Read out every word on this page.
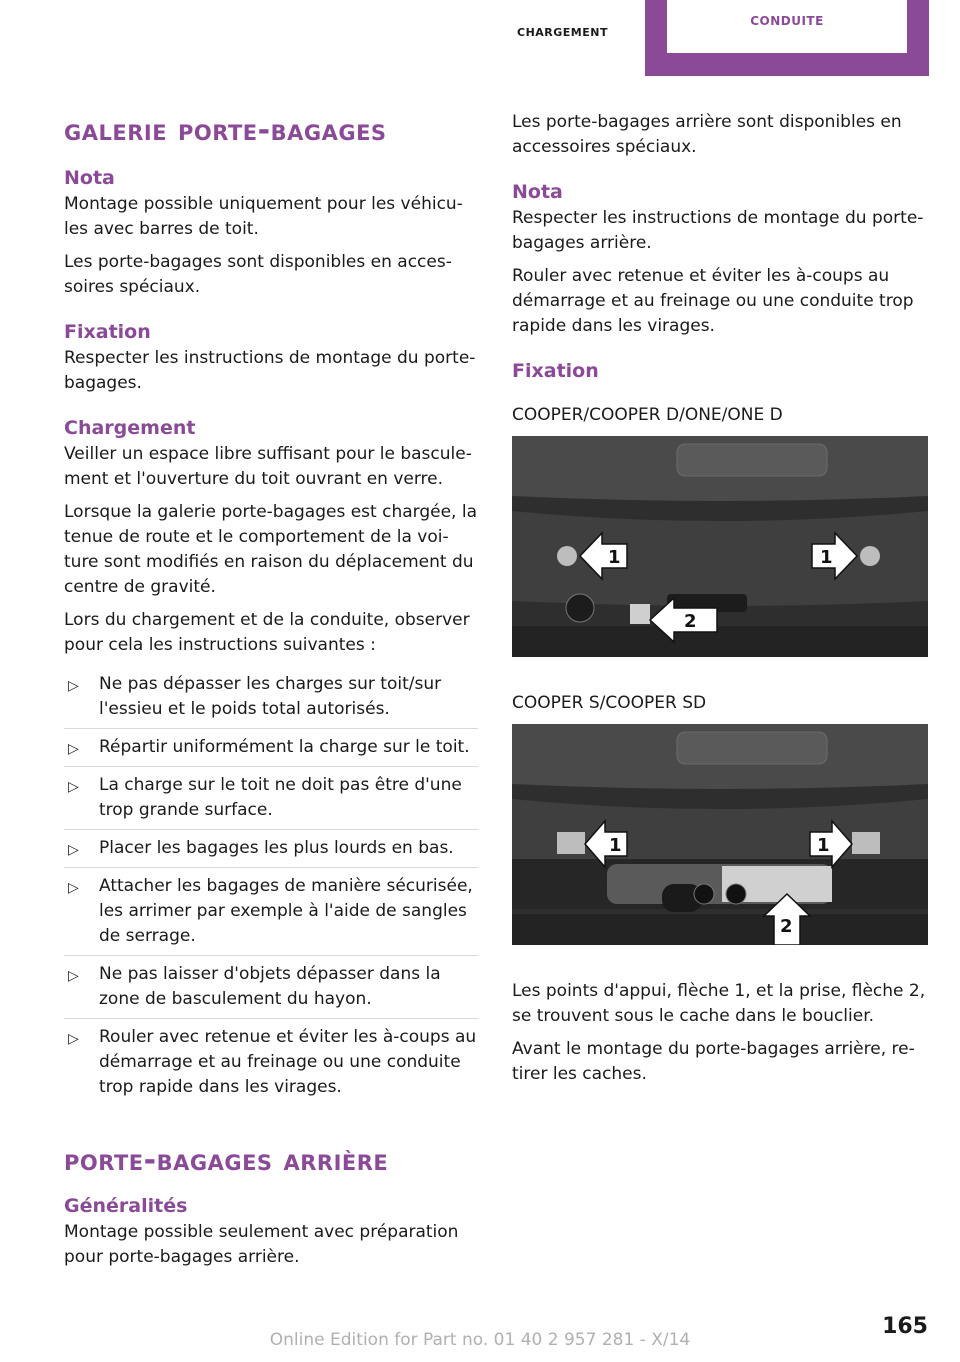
chargement
conduite
galerie porte-bagages
Nota

Montage possible uniquement pour les véhicu-les avec barres de toit.

Les porte-bagages sont disponibles en acces-soires spéciaux.

Fixation

Respecter les instructions de montage du porte-bagages.

Chargement

Veiller un espace libre suffisant pour le bascule-ment et l'ouverture du toit ouvrant en verre.

Lorsque la galerie porte-bagages est chargée, la tenue de route et le comportement de la voi-ture sont modifiés en raison du déplacement du centre de gravité.

Lors du chargement et de la conduite, observer pour cela les instructions suivantes :

▷ Ne pas dépasser les charges sur toit/sur l'essieu et le poids total autorisés.
▷ Répartir uniformément la charge sur le toit.
▷ La charge sur le toit ne doit pas être d'une trop grande surface.
▷ Placer les bagages les plus lourds en bas.
▷ Attacher les bagages de manière sécurisée, les arrimer par exemple à l'aide de sangles de serrage.
▷ Ne pas laisser d'objets dépasser dans la zone de basculement du hayon.
▷ Rouler avec retenue et éviter les à-coups au démarrage et au freinage ou une conduite trop rapide dans les virages.
porte-bagages arrière
Généralités

Montage possible seulement avec préparation pour porte-bagages arrière.

Les porte-bagages arrière sont disponibles en accessoires spéciaux.

Nota

Respecter les instructions de montage du porte-bagages arrière.

Rouler avec retenue et éviter les à-coups au démarrage et au freinage ou une conduite trop rapide dans les virages.

Fixation

COOPER/COOPER D/ONE/ONE D

1	1
2

COOPER S/COOPER SD

1	1
2

Les points d'appui, flèche 1, et la prise, flèche 2, se trouvent sous le cache dans le bouclier.

Avant le montage du porte-bagages arrière, re-tirer les caches.

165
Online Edition for Part no. 01 40 2 957 281 - X/14
